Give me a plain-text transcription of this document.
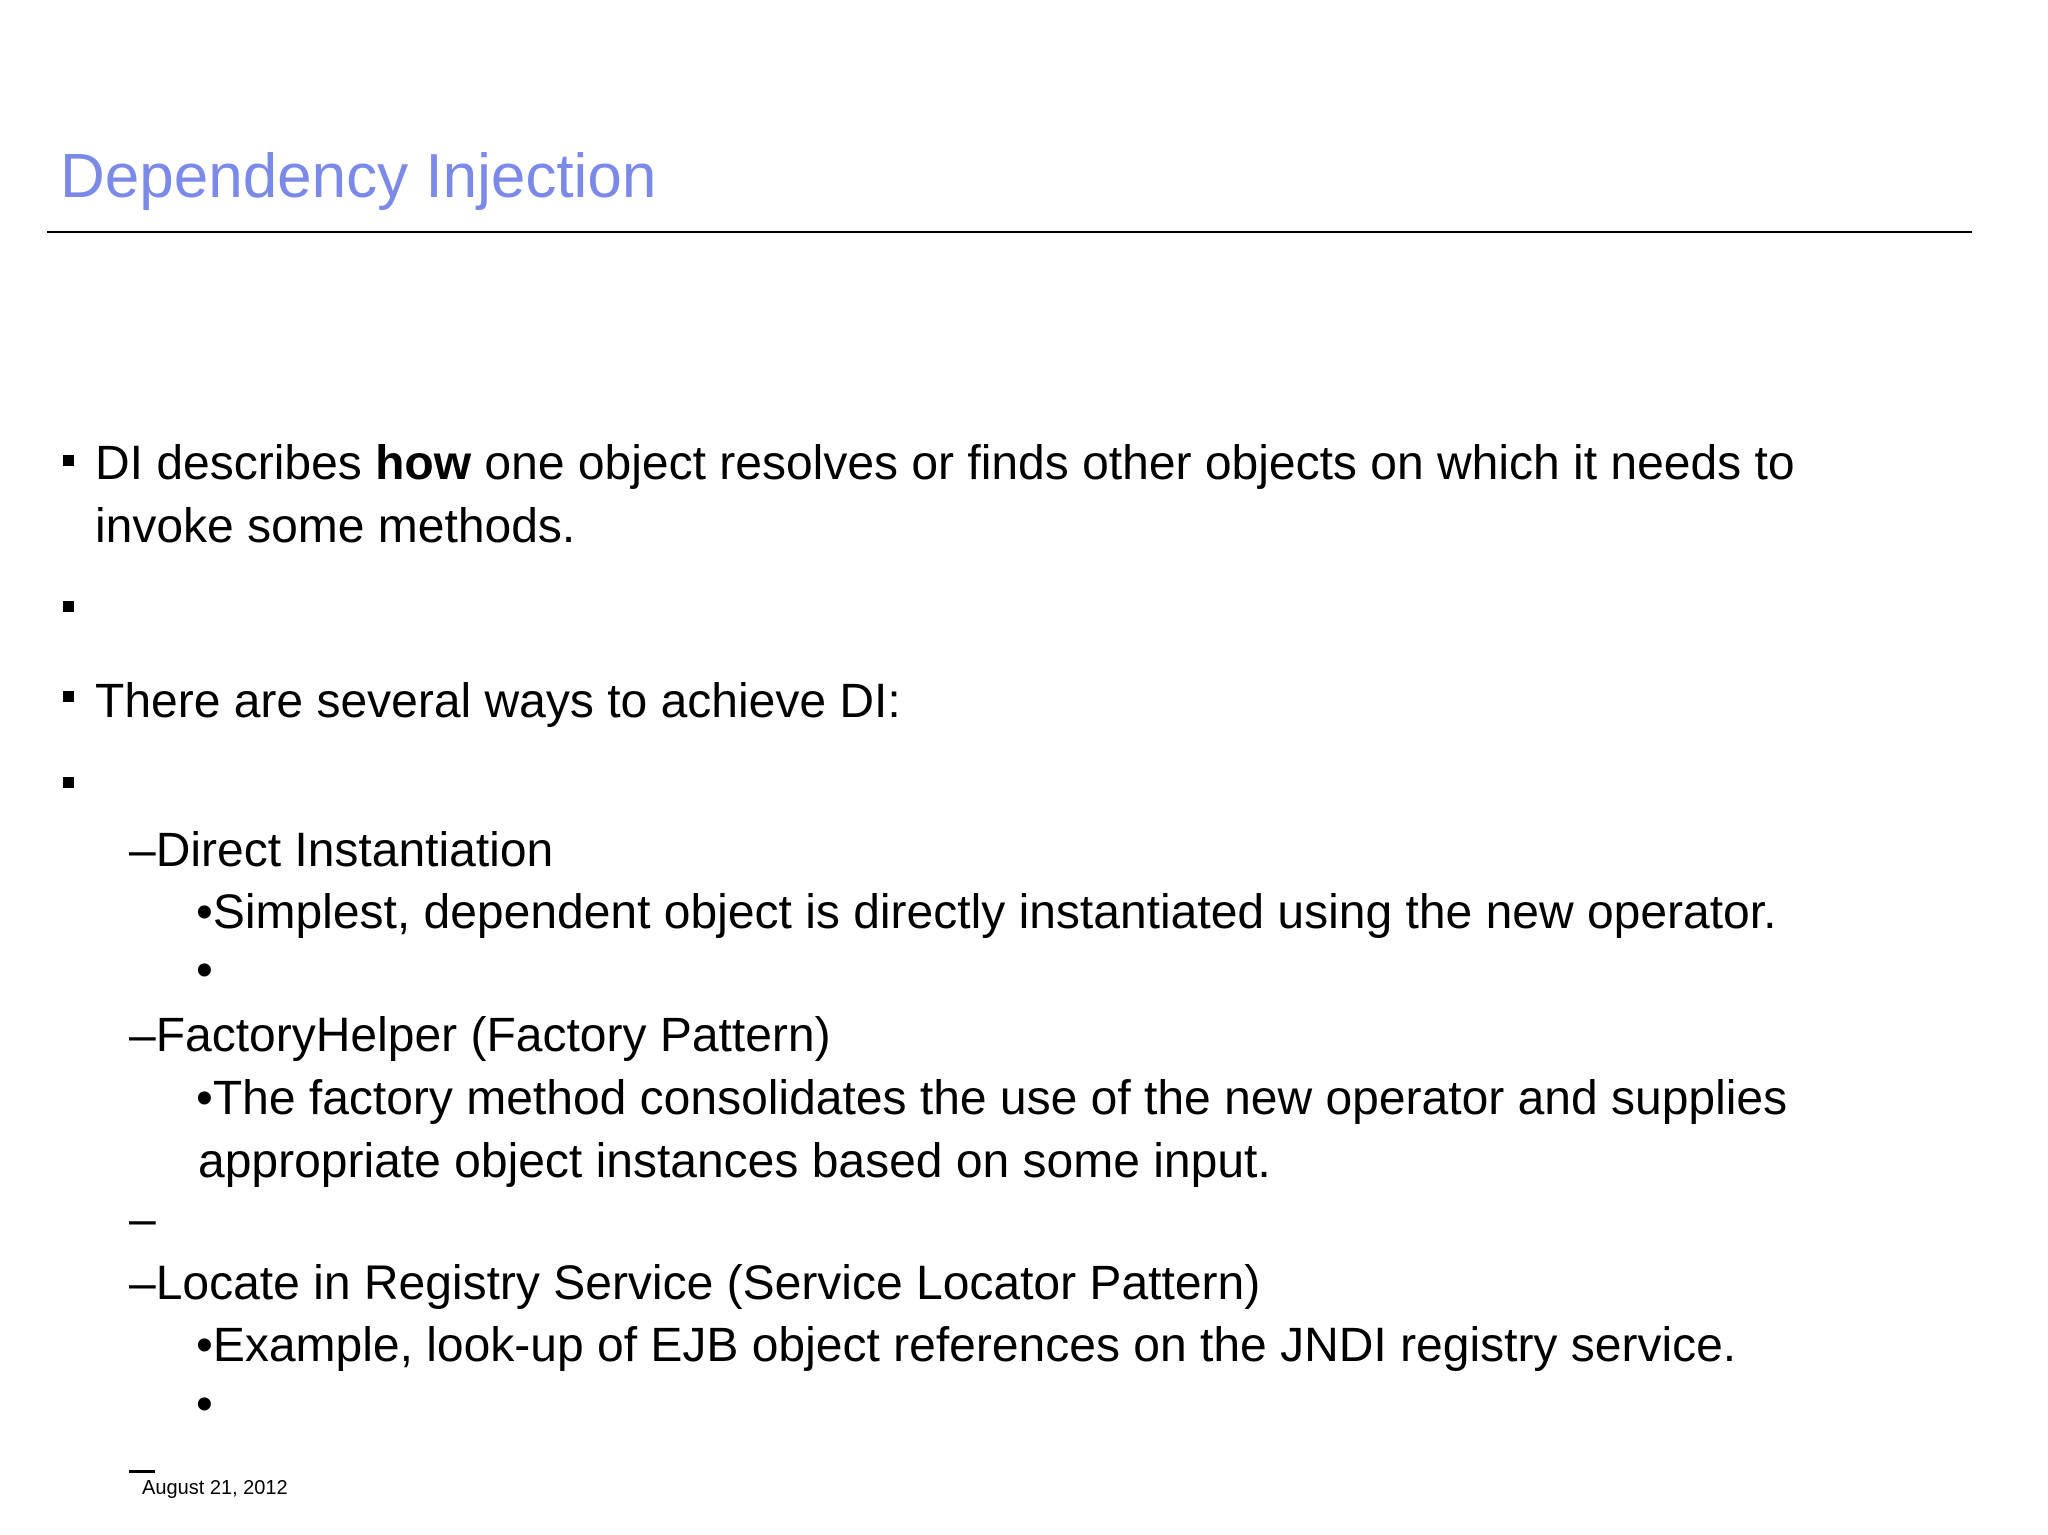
Dependency Injection
DI describes how one object resolves or finds other objects on which it needs to
invoke some methods.
There are several ways to achieve DI:
–Direct Instantiation
•Simplest, dependent object is directly instantiated using the new operator.
•
–FactoryHelper (Factory Pattern)
•The factory method consolidates the use of the new operator and supplies
appropriate object instances based on some input.
–
–Locate in Registry Service (Service Locator Pattern)
•Example, look-up of EJB object references on the JNDI registry service.
•
August 21, 2012
